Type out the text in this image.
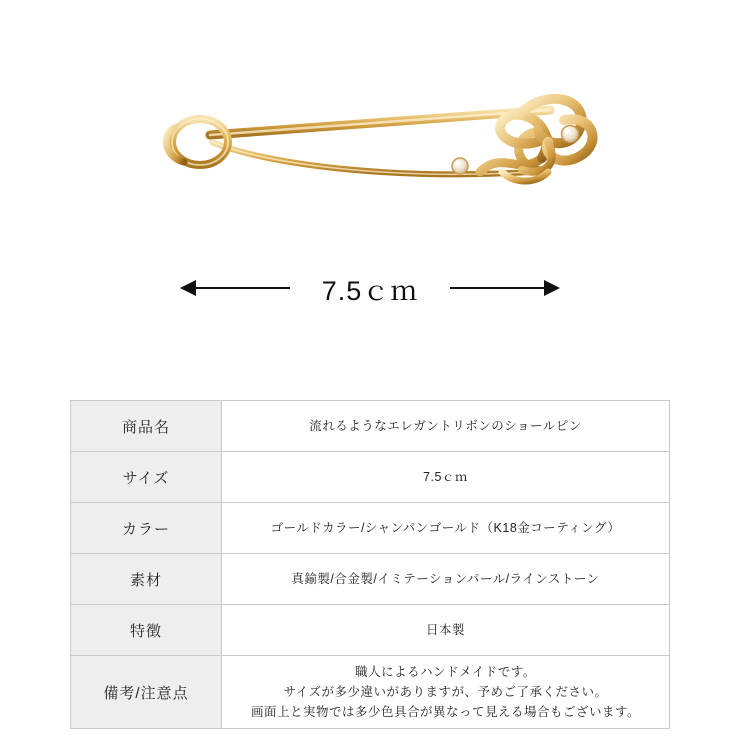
7.5ｃｍ
商品名	流れるようなエレガントリボンのショールピン

サイズ	7.5ｃｍ

カラー	ゴールドカラー/シャンパンゴールド（K18金コーティング）

素材	真鍮製/合金製/イミテーションパール/ラインストーン

特徴	日本製

備考/注意点	職人によるハンドメイドです。
サイズが多少違いがありますが、予めご了承ください。
画面上と実物では多少色具合が異なって見える場合もございます。
